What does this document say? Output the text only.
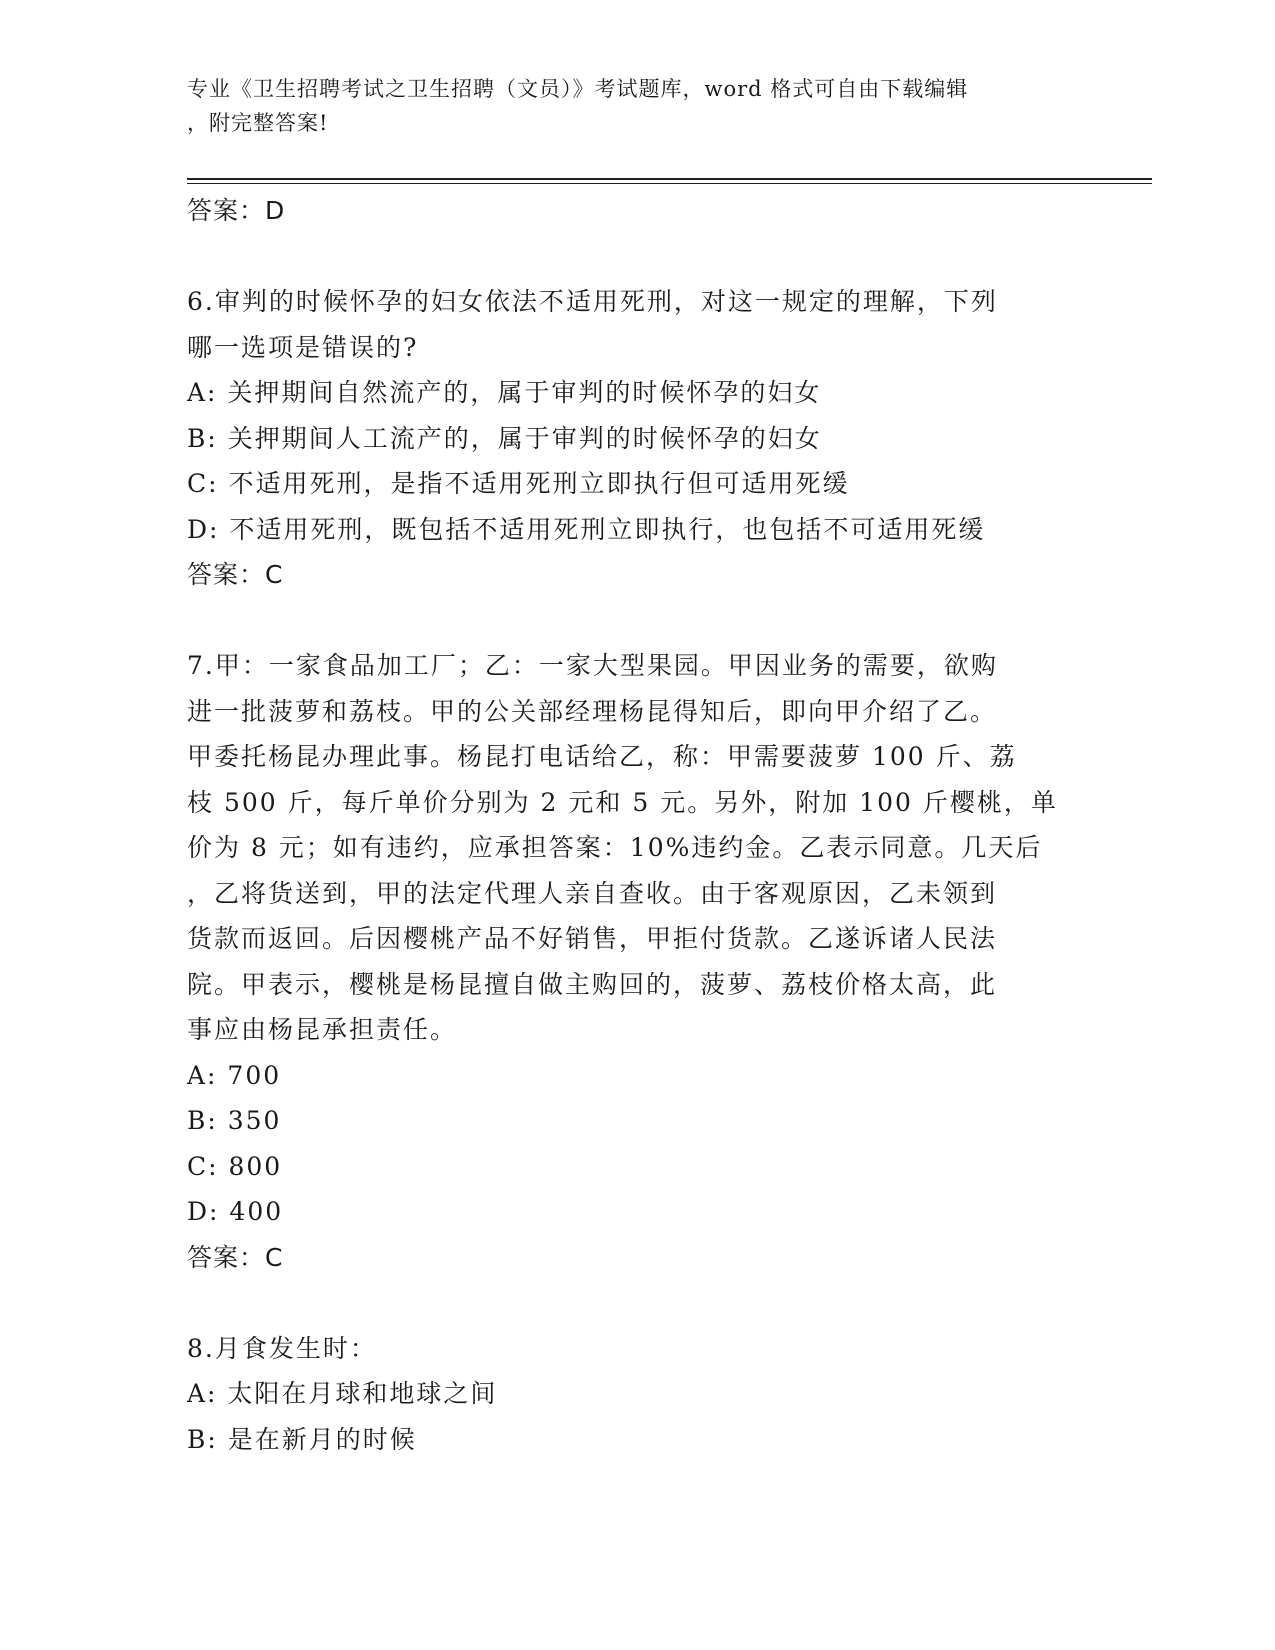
专业《卫生招聘考试之卫生招聘（文员）》考试题库，word 格式可自由下载编辑
，附完整答案!
答案：D
6.审判的时候怀孕的妇女依法不适用死刑，对这一规定的理解，下列
哪一选项是错误的?
A: 关押期间自然流产的，属于审判的时候怀孕的妇女
B: 关押期间人工流产的，属于审判的时候怀孕的妇女
C: 不适用死刑，是指不适用死刑立即执行但可适用死缓
D: 不适用死刑，既包括不适用死刑立即执行，也包括不可适用死缓
答案：C
7.甲：一家食品加工厂；乙：一家大型果园。甲因业务的需要，欲购
进一批菠萝和荔枝。甲的公关部经理杨昆得知后，即向甲介绍了乙。
甲委托杨昆办理此事。杨昆打电话给乙，称：甲需要菠萝 100 斤、荔
枝 500 斤，每斤单价分别为 2 元和 5 元。另外，附加 100 斤樱桃，单
价为 8 元；如有违约，应承担答案：10%违约金。乙表示同意。几天后
，乙将货送到，甲的法定代理人亲自查收。由于客观原因，乙未领到
货款而返回。后因樱桃产品不好销售，甲拒付货款。乙遂诉诸人民法
院。甲表示，樱桃是杨昆擅自做主购回的，菠萝、荔枝价格太高，此
事应由杨昆承担责任。
A: 700
B: 350
C: 800
D: 400
答案：C
8.月食发生时：
A: 太阳在月球和地球之间
B: 是在新月的时候
